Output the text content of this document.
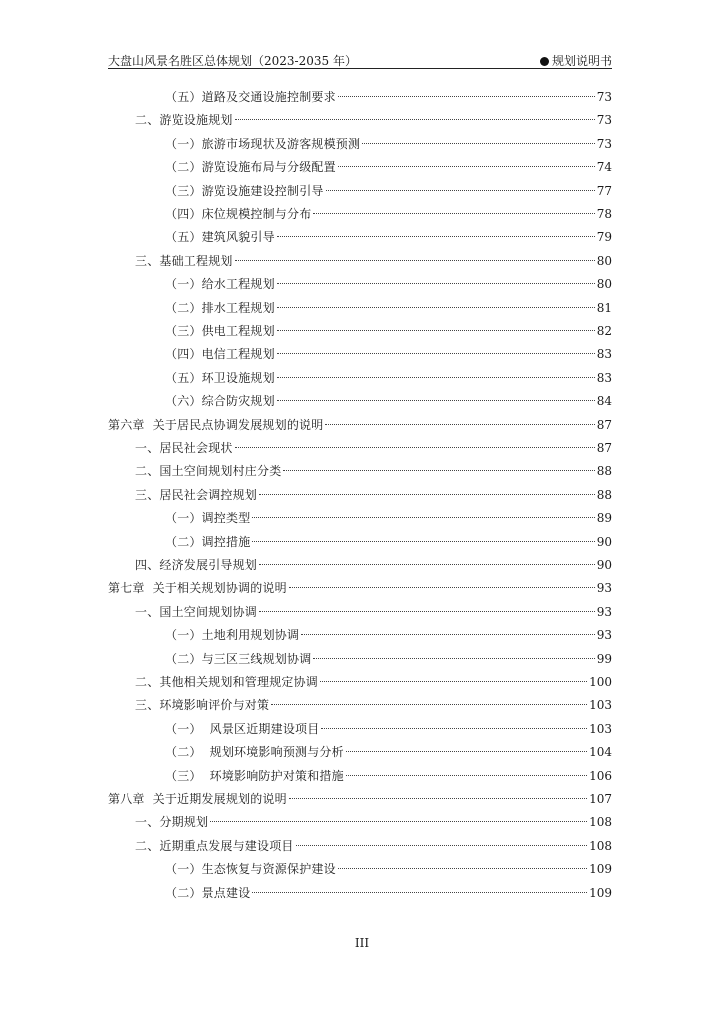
大盘山风景名胜区总体规划（2023-2035 年）	规划说明书
（五）道路及交通设施控制要求	73
二、游览设施规划	73
（一）旅游市场现状及游客规模预测	73
（二）游览设施布局与分级配置	74
（三）游览设施建设控制引导	77
（四）床位规模控制与分布	78
（五）建筑风貌引导	79
三、基础工程规划	80
（一）给水工程规划	80
（二）排水工程规划	81
（三）供电工程规划	82
（四）电信工程规划	83
（五）环卫设施规划	83
（六）综合防灾规划	84
第六章  关于居民点协调发展规划的说明	87
一、居民社会现状	87
二、国土空间规划村庄分类	88
三、居民社会调控规划	88
（一）调控类型	89
（二）调控措施	90
四、经济发展引导规划	90
第七章  关于相关规划协调的说明	93
一、国土空间规划协调	93
（一）土地利用规划协调	93
（二）与三区三线规划协调	99
二、其他相关规划和管理规定协调	100
三、环境影响评价与对策	103
（一）  风景区近期建设项目	103
（二）  规划环境影响预测与分析	104
（三）  环境影响防护对策和措施	106
第八章  关于近期发展规划的说明	107
一、分期规划	108
二、近期重点发展与建设项目	108
（一）生态恢复与资源保护建设	109
（二）景点建设	109
III
